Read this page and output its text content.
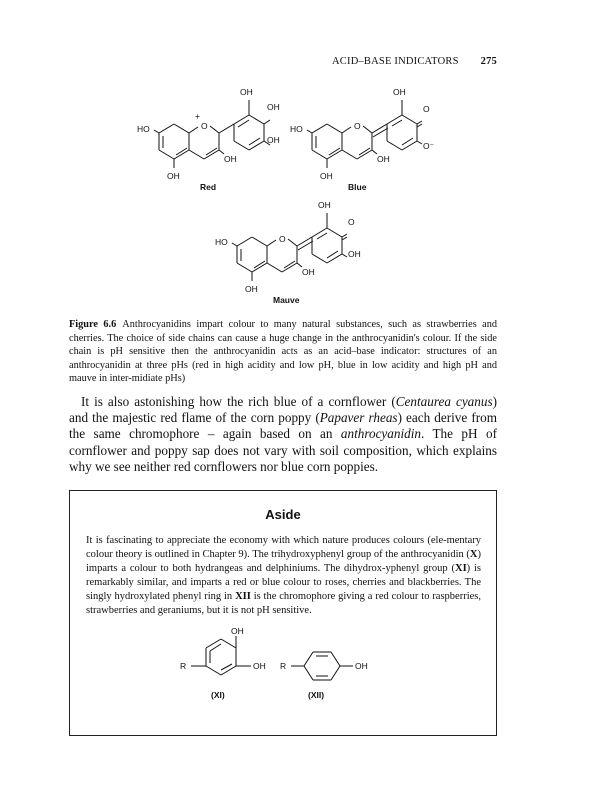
ACID–BASE INDICATORS 275
O
+
OH
OH
OH
HO
OH
OH
Red
O
OH
O
O⁻
HO
OH
OH
Blue
O
OH
O
OH
HO
OH
OH
Mauve
Figure 6.6 Anthrocyanidins impart colour to many natural substances, such as strawberries and cherries. The choice of side chains can cause a huge change in the anthrocyanidin's colour. If the side chain is pH sensitive then the anthrocyanidin acts as an acid–base indicator: structures of an anthrocyanidin at three pHs (red in high acidity and low pH, blue in low acidity and high pH and mauve in inter-midiate pHs)
It is also astonishing how the rich blue of a cornflower (Centaurea cyanus) and the majestic red flame of the corn poppy (Papaver rheas) each derive from the same chromophore – again based on an anthrocyanidin. The pH of cornflower and poppy sap does not vary with soil composition, which explains why we see neither red cornflowers nor blue corn poppies.
Aside
It is fascinating to appreciate the economy with which nature produces colours (ele-mentary colour theory is outlined in Chapter 9). The trihydroxyphenyl group of the anthrocyanidin (X) imparts a colour to both hydrangeas and delphiniums. The dihydrox-yphenyl group (XI) is remarkably similar, and imparts a red or blue colour to roses, cherries and blackberries. The singly hydroxylated phenyl ring in XII is the chromophore giving a red colour to raspberries, strawberries and geraniums, but it is not pH sensitive.
OH
OH
R
(XI)
R	OH
(XII)
